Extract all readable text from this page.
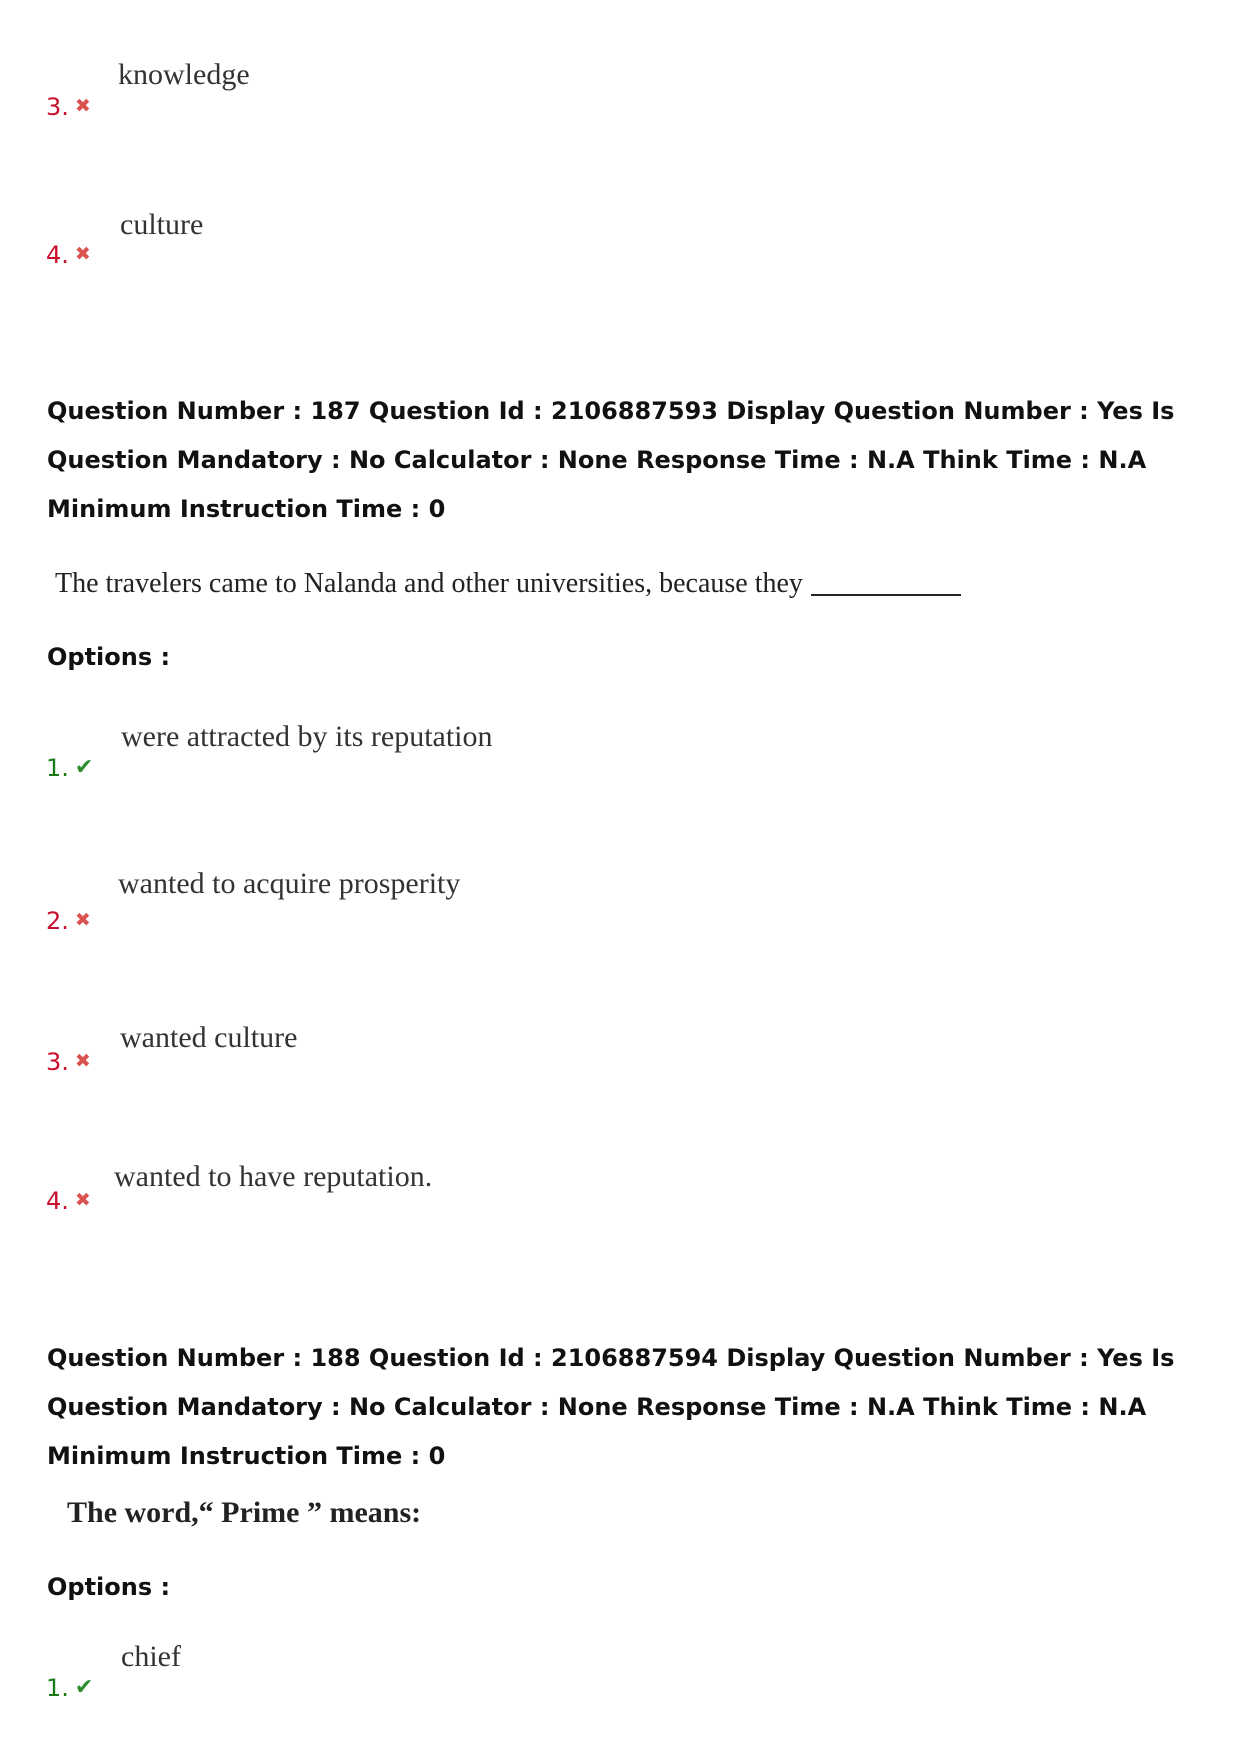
knowledge
3. ✖
culture
4. ✖
Question Number : 187 Question Id : 2106887593 Display Question Number : Yes Is Question Mandatory : No Calculator : None Response Time : N.A Think Time : N.A Minimum Instruction Time : 0
The travelers came to Nalanda and other universities, because they
Options :
were attracted by its reputation
1. ✔
wanted to acquire prosperity
2. ✖
wanted culture
3. ✖
wanted to have reputation.
4. ✖
Question Number : 188 Question Id : 2106887594 Display Question Number : Yes Is Question Mandatory : No Calculator : None Response Time : N.A Think Time : N.A Minimum Instruction Time : 0
The word,“ Prime ” means:
Options :
chief
1. ✔
